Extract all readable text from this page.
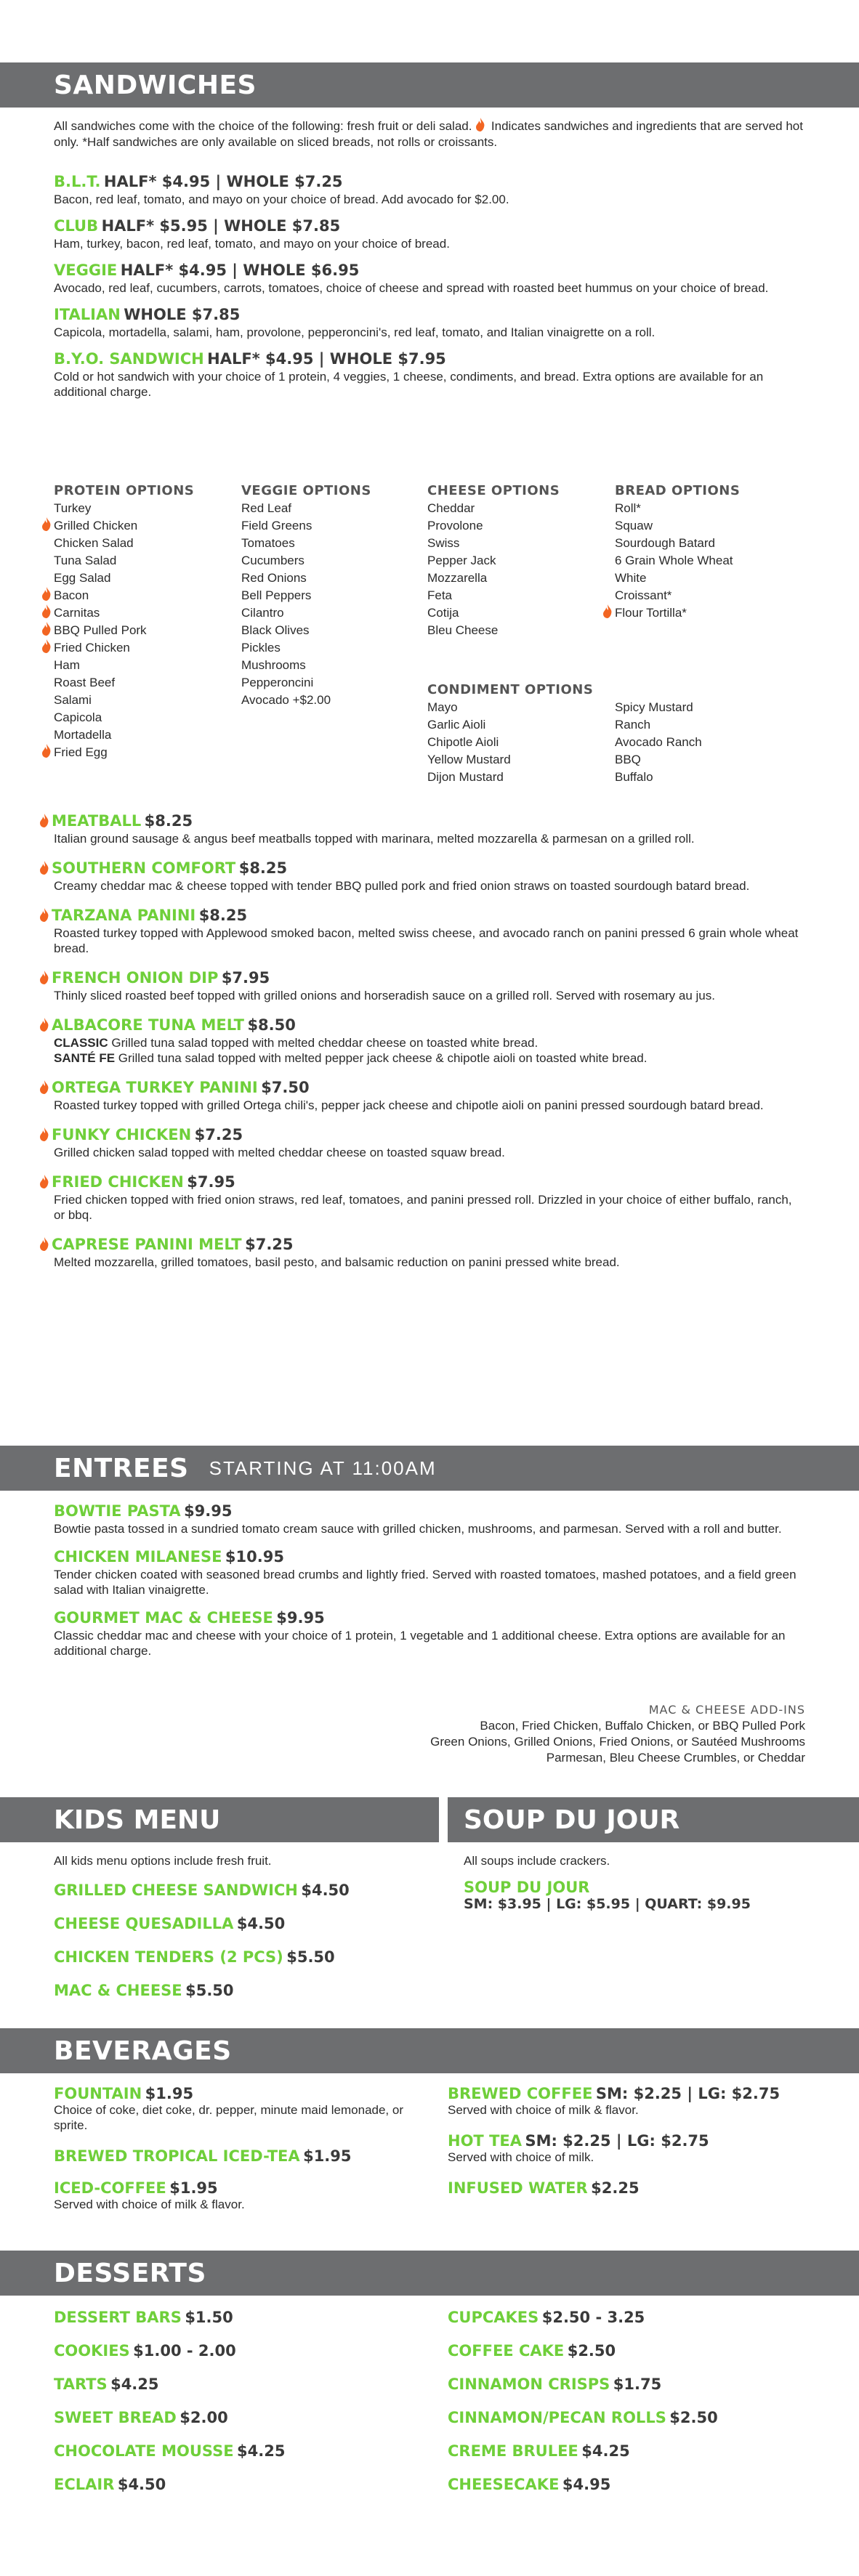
SANDWICHES
All sandwiches come with the choice of the following: fresh fruit or deli salad. Indicates sandwiches and ingredients that are served hot only. *Half sandwiches are only available on sliced breads, not rolls or croissants.
B.L.T. HALF* $4.95 | WHOLE $7.25
Bacon, red leaf, tomato, and mayo on your choice of bread. Add avocado for $2.00.
CLUB HALF* $5.95 | WHOLE $7.85
Ham, turkey, bacon, red leaf, tomato, and mayo on your choice of bread.
VEGGIE HALF* $4.95 | WHOLE $6.95
Avocado, red leaf, cucumbers, carrots, tomatoes, choice of cheese and spread with roasted beet hummus on your choice of bread.
ITALIAN WHOLE $7.85
Capicola, mortadella, salami, ham, provolone, pepperoncini's, red leaf, tomato, and Italian vinaigrette on a roll.
B.Y.O. SANDWICH HALF* $4.95 | WHOLE $7.95
Cold or hot sandwich with your choice of 1 protein, 4 veggies, 1 cheese, condiments, and bread. Extra options are available for an additional charge.
PROTEIN OPTIONS
Turkey
Grilled Chicken
Chicken Salad
Tuna Salad
Egg Salad
Bacon
Carnitas
BBQ Pulled Pork
Fried Chicken
Ham
Roast Beef
Salami
Capicola
Mortadella
Fried Egg
VEGGIE OPTIONS
Red Leaf
Field Greens
Tomatoes
Cucumbers
Red Onions
Bell Peppers
Cilantro
Black Olives
Pickles
Mushrooms
Pepperoncini
Avocado +$2.00
CHEESE OPTIONS
Cheddar
Provolone
Swiss
Pepper Jack
Mozzarella
Feta
Cotija
Bleu Cheese
BREAD OPTIONS
Roll*
Squaw
Sourdough Batard
6 Grain Whole Wheat
White
Croissant*
Flour Tortilla*
CONDIMENT OPTIONS
Mayo
Garlic Aioli
Chipotle Aioli
Yellow Mustard
Dijon Mustard
Spicy Mustard
Ranch
Avocado Ranch
BBQ
Buffalo
MEATBALL $8.25
Italian ground sausage & angus beef meatballs topped with marinara, melted mozzarella & parmesan on a grilled roll.
SOUTHERN COMFORT $8.25
Creamy cheddar mac & cheese topped with tender BBQ pulled pork and fried onion straws on toasted sourdough batard bread.
TARZANA PANINI $8.25
Roasted turkey topped with Applewood smoked bacon, melted swiss cheese, and avocado ranch on panini pressed 6 grain whole wheat bread.
FRENCH ONION DIP $7.95
Thinly sliced roasted beef topped with grilled onions and horseradish sauce on a grilled roll. Served with rosemary au jus.
ALBACORE TUNA MELT $8.50
CLASSIC Grilled tuna salad topped with melted cheddar cheese on toasted white bread.
SANTÉ FE Grilled tuna salad topped with melted pepper jack cheese & chipotle aioli on toasted white bread.
ORTEGA TURKEY PANINI $7.50
Roasted turkey topped with grilled Ortega chili's, pepper jack cheese and chipotle aioli on panini pressed sourdough batard bread.
FUNKY CHICKEN $7.25
Grilled chicken salad topped with melted cheddar cheese on toasted squaw bread.
FRIED CHICKEN $7.95
Fried chicken topped with fried onion straws, red leaf, tomatoes, and panini pressed roll. Drizzled in your choice of either buffalo, ranch, or bbq.
CAPRESE PANINI MELT $7.25
Melted mozzarella, grilled tomatoes, basil pesto, and balsamic reduction on panini pressed white bread.
ENTREES STARTING AT 11:00AM
BOWTIE PASTA $9.95
Bowtie pasta tossed in a sundried tomato cream sauce with grilled chicken, mushrooms, and parmesan. Served with a roll and butter.
CHICKEN MILANESE $10.95
Tender chicken coated with seasoned bread crumbs and lightly fried. Served with roasted tomatoes, mashed potatoes, and a field green salad with Italian vinaigrette.
GOURMET MAC & CHEESE $9.95
Classic cheddar mac and cheese with your choice of 1 protein, 1 vegetable and 1 additional cheese. Extra options are available for an additional charge.
MAC & CHEESE ADD-INS
Bacon, Fried Chicken, Buffalo Chicken, or BBQ Pulled Pork
Green Onions, Grilled Onions, Fried Onions, or Sautéed Mushrooms
Parmesan, Bleu Cheese Crumbles, or Cheddar
KIDS MENU	SOUP DU JOUR
All kids menu options include fresh fruit.
GRILLED CHEESE SANDWICH $4.50
CHEESE QUESADILLA $4.50
CHICKEN TENDERS (2 PCS) $5.50
MAC & CHEESE $5.50
All soups include crackers.
SOUP DU JOUR
SM: $3.95 | LG: $5.95 | QUART: $9.95
BEVERAGES
FOUNTAIN $1.95
Choice of coke, diet coke, dr. pepper, minute maid lemonade, or sprite.
BREWED TROPICAL ICED-TEA $1.95
ICED-COFFEE $1.95
Served with choice of milk & flavor.
BREWED COFFEE SM: $2.25 | LG: $2.75
Served with choice of milk & flavor.
HOT TEA SM: $2.25 | LG: $2.75
Served with choice of milk.
INFUSED WATER $2.25
DESSERTS
DESSERT BARS $1.50
COOKIES $1.00 - 2.00
TARTS $4.25
SWEET BREAD $2.00
CHOCOLATE MOUSSE $4.25
ECLAIR $4.50
CUPCAKES $2.50 - 3.25
COFFEE CAKE $2.50
CINNAMON CRISPS $1.75
CINNAMON/PECAN ROLLS $2.50
CREME BRULEE $4.25
CHEESECAKE $4.95
